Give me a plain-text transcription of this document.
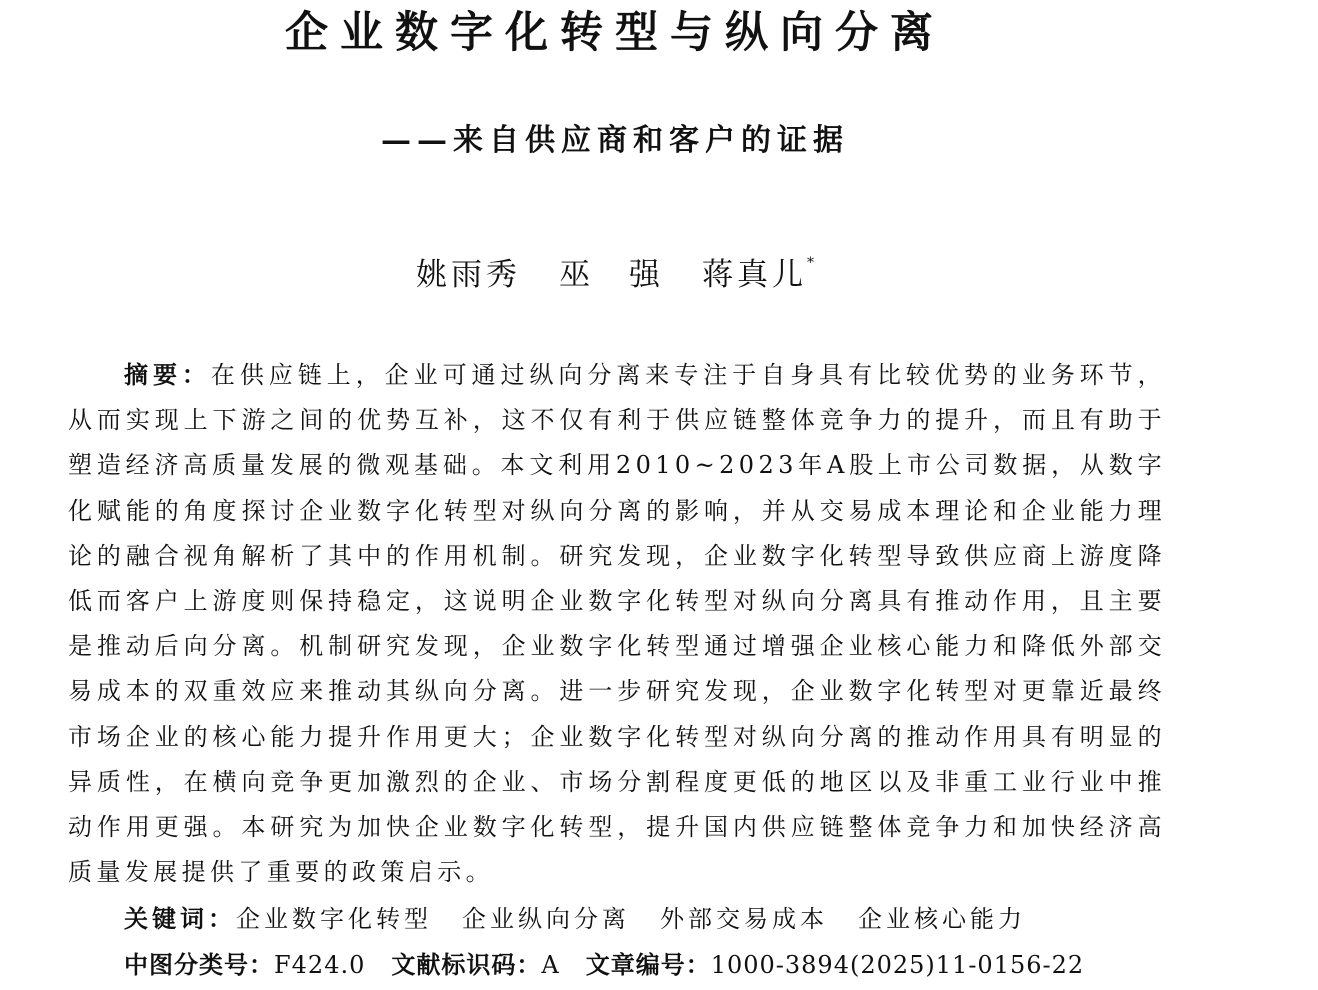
企业数字化转型与纵向分离
——来自供应商和客户的证据
姚雨秀 巫　强 蒋真儿*

摘要：在供应链上，企业可通过纵向分离来专注于自身具有比较优势的业务环节，从而实现上下游之间的优势互补，这不仅有利于供应链整体竞争力的提升，而且有助于塑造经济高质量发展的微观基础。本文利用2010~2023年A股上市公司数据，从数字化赋能的角度探讨企业数字化转型对纵向分离的影响，并从交易成本理论和企业能力理论的融合视角解析了其中的作用机制。研究发现，企业数字化转型导致供应商上游度降低而客户上游度则保持稳定，这说明企业数字化转型对纵向分离具有推动作用，且主要是推动后向分离。机制研究发现，企业数字化转型通过增强企业核心能力和降低外部交易成本的双重效应来推动其纵向分离。进一步研究发现，企业数字化转型对更靠近最终市场企业的核心能力提升作用更大；企业数字化转型对纵向分离的推动作用具有明显的异质性，在横向竞争更加激烈的企业、市场分割程度更低的地区以及非重工业行业中推动作用更强。本研究为加快企业数字化转型，提升国内供应链整体竞争力和加快经济高质量发展提供了重要的政策启示。

关键词：企业数字化转型 企业纵向分离 外部交易成本 企业核心能力
中图分类号：F424.0 文献标识码：A 文章编号：1000-3894(2025)11-0156-22
